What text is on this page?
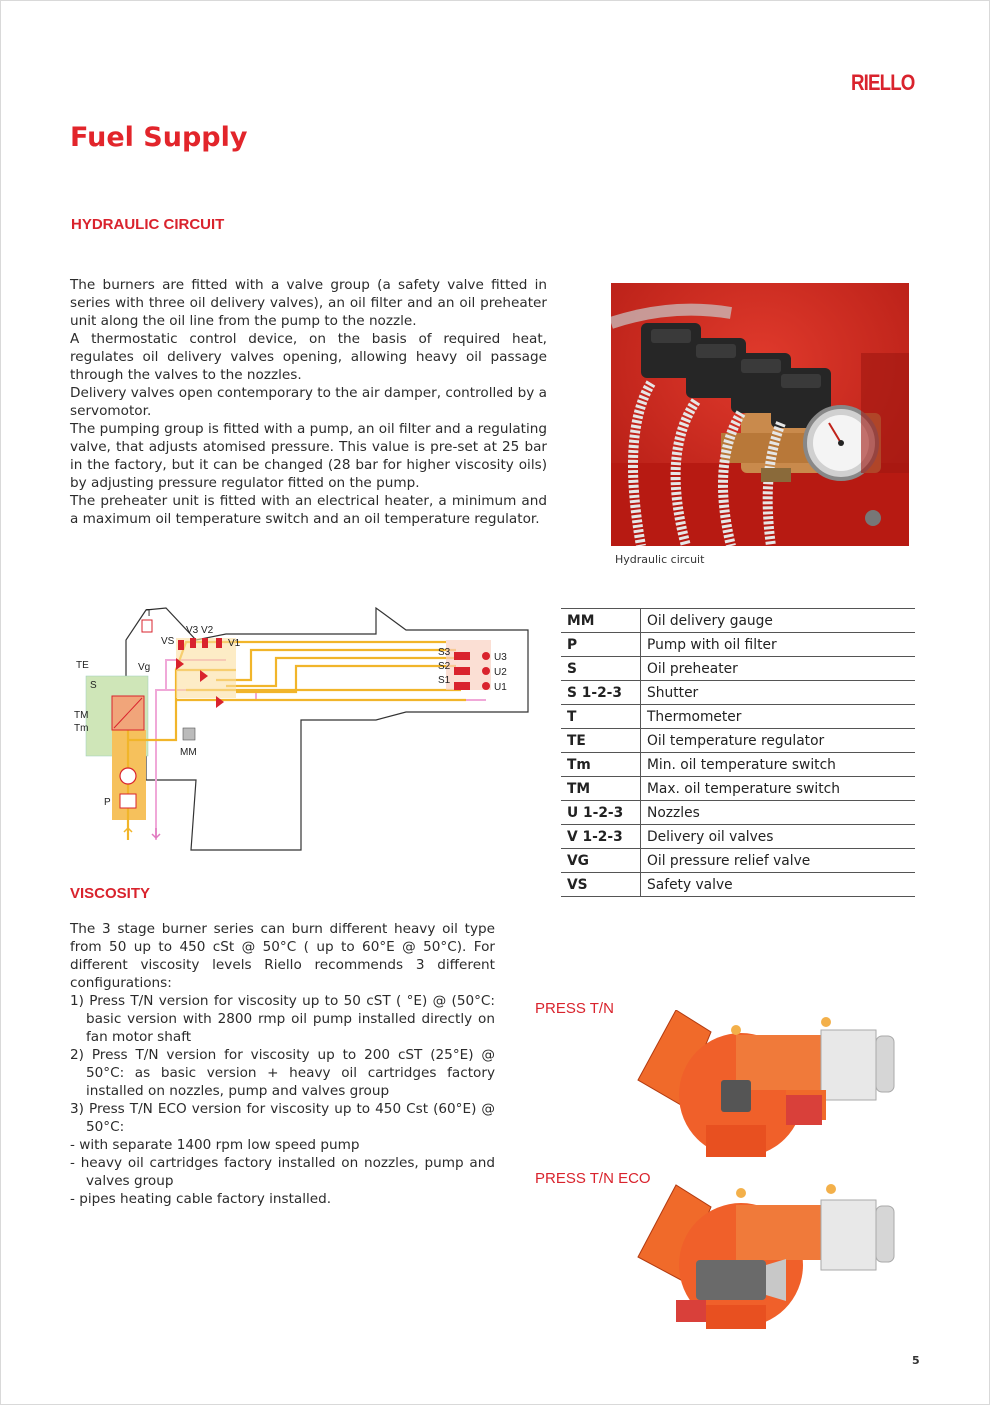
RIELLO
Fuel Supply
HYDRAULIC CIRCUIT

The burners are fitted with a valve group (a safety valve fitted in series with three oil delivery valves), an oil filter and an oil preheater unit along the oil line from the pump to the nozzle.

A thermostatic control device, on the basis of required heat, regulates oil delivery valves opening, allowing heavy oil passage through the valves to the nozzles.

Delivery valves open contemporary to the air damper, controlled by a servomotor.

The pumping group is fitted with a pump, an oil filter and a regulating valve, that adjusts atomised pressure. This value is pre-set at 25 bar in the factory, but it can be changed (28 bar for higher viscosity oils) by adjusting pressure regulator fitted on the pump.

The preheater unit is fitted with an electrical heater, a minimum and a maximum oil temperature switch and an oil temperature regulator.

Hydraulic circuit
T
VS
V3 V2
V1
TE
S
Vg
TM
Tm
MM
P
S3
S2
S1
U3
U2
U1
MM	Oil delivery gauge
P	Pump with oil filter
S	Oil preheater
S 1-2-3	Shutter
T	Thermometer
TE	Oil temperature regulator
Tm	Min. oil temperature switch
TM	Max. oil temperature switch
U 1-2-3	Nozzles
V 1-2-3	Delivery oil valves
VG	Oil pressure relief valve
VS	Safety valve
VISCOSITY

The 3 stage burner series can burn different heavy oil type from 50 up to 450 cSt @ 50°C ( up to 60°E @ 50°C). For different viscosity levels Riello recommends 3 different configurations:

1) Press T/N version for viscosity up to 50 cST ( °E) @ (50°C: basic version with 2800 rmp oil pump installed directly on fan motor shaft

2) Press T/N version for viscosity up to 200 cST (25°E) @ 50°C: as basic version + heavy oil cartridges factory installed on nozzles, pump and valves group

3) Press T/N ECO version for viscosity up to 450 Cst (60°E) @ 50°C:

- with separate 1400 rpm low speed pump

- heavy oil cartridges factory installed on nozzles, pump and valves group

- pipes heating cable factory installed.

PRESS T/N
PRESS T/N ECO
5
